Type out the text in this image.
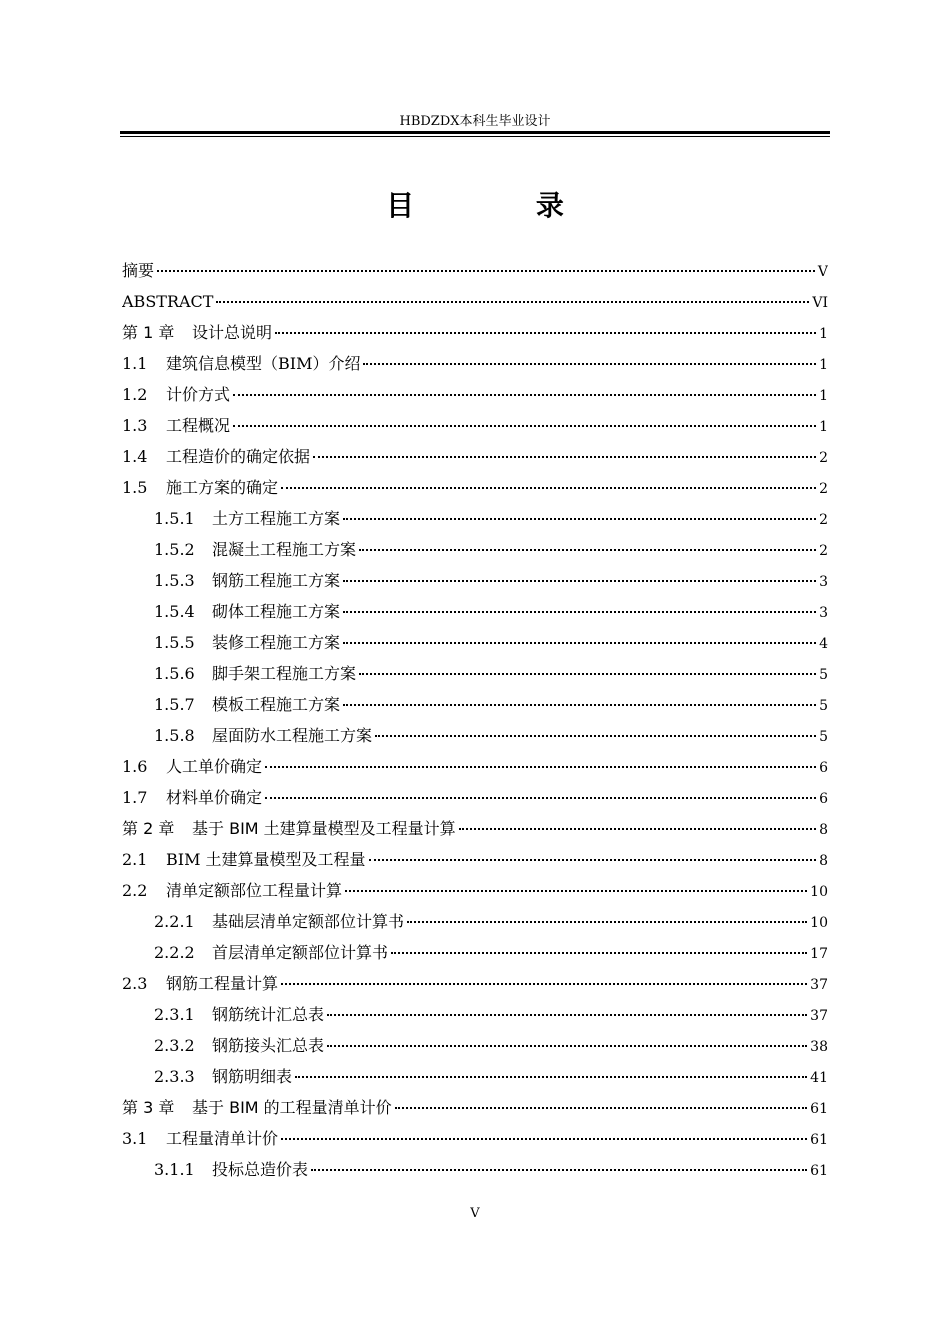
HBDZDX本科生毕业设计
目 录
摘要	V
ABSTRACT	VI
第 1 章	设计总说明	1
1.1	建筑信息模型（BIM）介绍	1
1.2	计价方式	1
1.3	工程概况	1
1.4	工程造价的确定依据	2
1.5	施工方案的确定	2
1.5.1	土方工程施工方案	2
1.5.2	混凝土工程施工方案	2
1.5.3	钢筋工程施工方案	3
1.5.4	砌体工程施工方案	3
1.5.5	装修工程施工方案	4
1.5.6	脚手架工程施工方案	5
1.5.7	模板工程施工方案	5
1.5.8	屋面防水工程施工方案	5
1.6	人工单价确定	6
1.7	材料单价确定	6
第 2 章	基于 BIM 土建算量模型及工程量计算	8
2.1	BIM 土建算量模型及工程量	8
2.2	清单定额部位工程量计算	10
2.2.1	基础层清单定额部位计算书	10
2.2.2	首层清单定额部位计算书	17
2.3	钢筋工程量计算	37
2.3.1	钢筋统计汇总表	37
2.3.2	钢筋接头汇总表	38
2.3.3	钢筋明细表	41
第 3 章	基于 BIM 的工程量清单计价	61
3.1	工程量清单计价	61
3.1.1	投标总造价表	61
V
